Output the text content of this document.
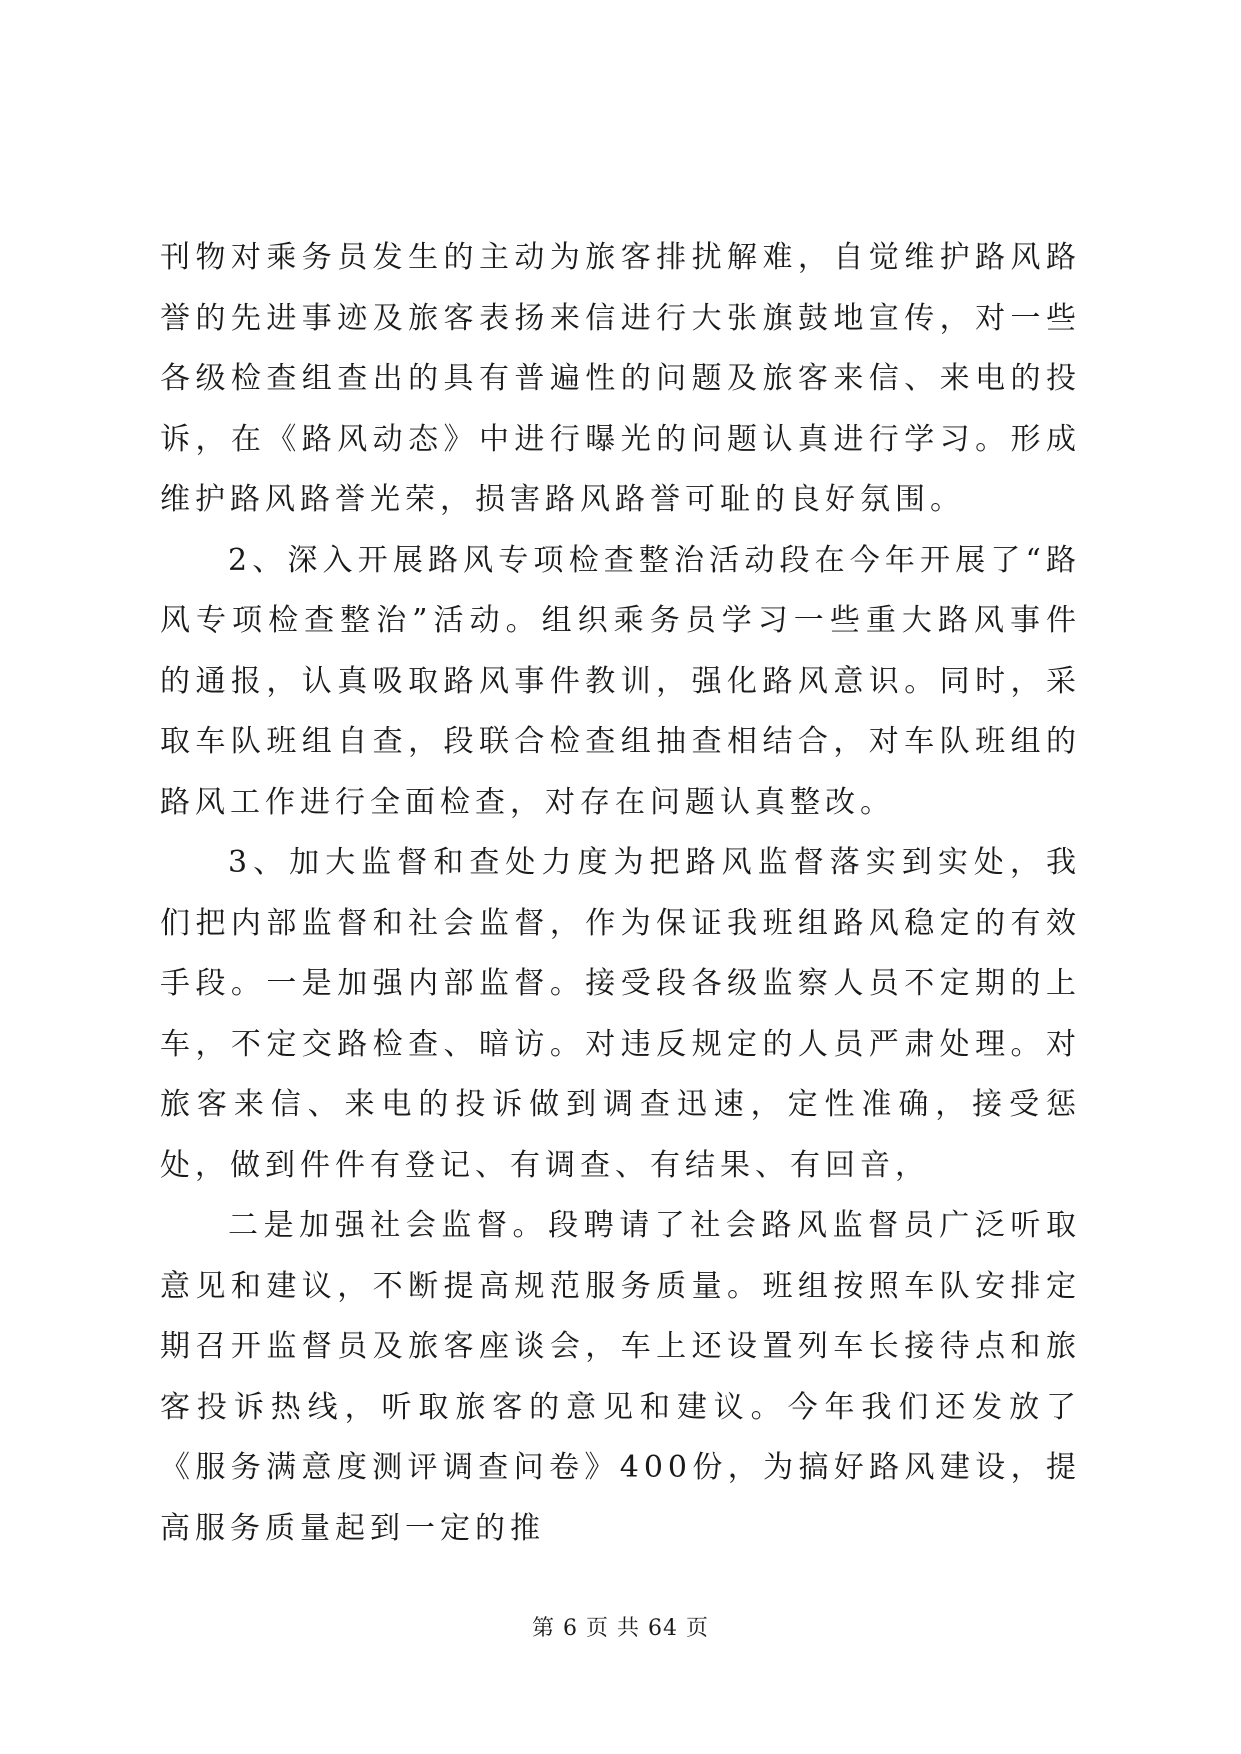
刊物对乘务员发生的主动为旅客排扰解难，自觉维护路风路誉的先进事迹及旅客表扬来信进行大张旗鼓地宣传，对一些各级检查组查出的具有普遍性的问题及旅客来信、来电的投诉，在《路风动态》中进行曝光的问题认真进行学习。形成维护路风路誉光荣，损害路风路誉可耻的良好氛围。

2、深入开展路风专项检查整治活动段在今年开展了“路风专项检查整治”活动。组织乘务员学习一些重大路风事件的通报，认真吸取路风事件教训，强化路风意识。同时，采取车队班组自查，段联合检查组抽查相结合，对车队班组的路风工作进行全面检查，对存在问题认真整改。

3、加大监督和查处力度为把路风监督落实到实处，我们把内部监督和社会监督，作为保证我班组路风稳定的有效手段。一是加强内部监督。接受段各级监察人员不定期的上车，不定交路检查、暗访。对违反规定的人员严肃处理。对旅客来信、来电的投诉做到调查迅速，定性准确，接受惩处，做到件件有登记、有调查、有结果、有回音，

二是加强社会监督。段聘请了社会路风监督员广泛听取意见和建议，不断提高规范服务质量。班组按照车队安排定期召开监督员及旅客座谈会，车上还设置列车长接待点和旅客投诉热线，听取旅客的意见和建议。今年我们还发放了《服务满意度测评调查问卷》400份，为搞好路风建设，提高服务质量起到一定的推

第 6 页 共 64 页
